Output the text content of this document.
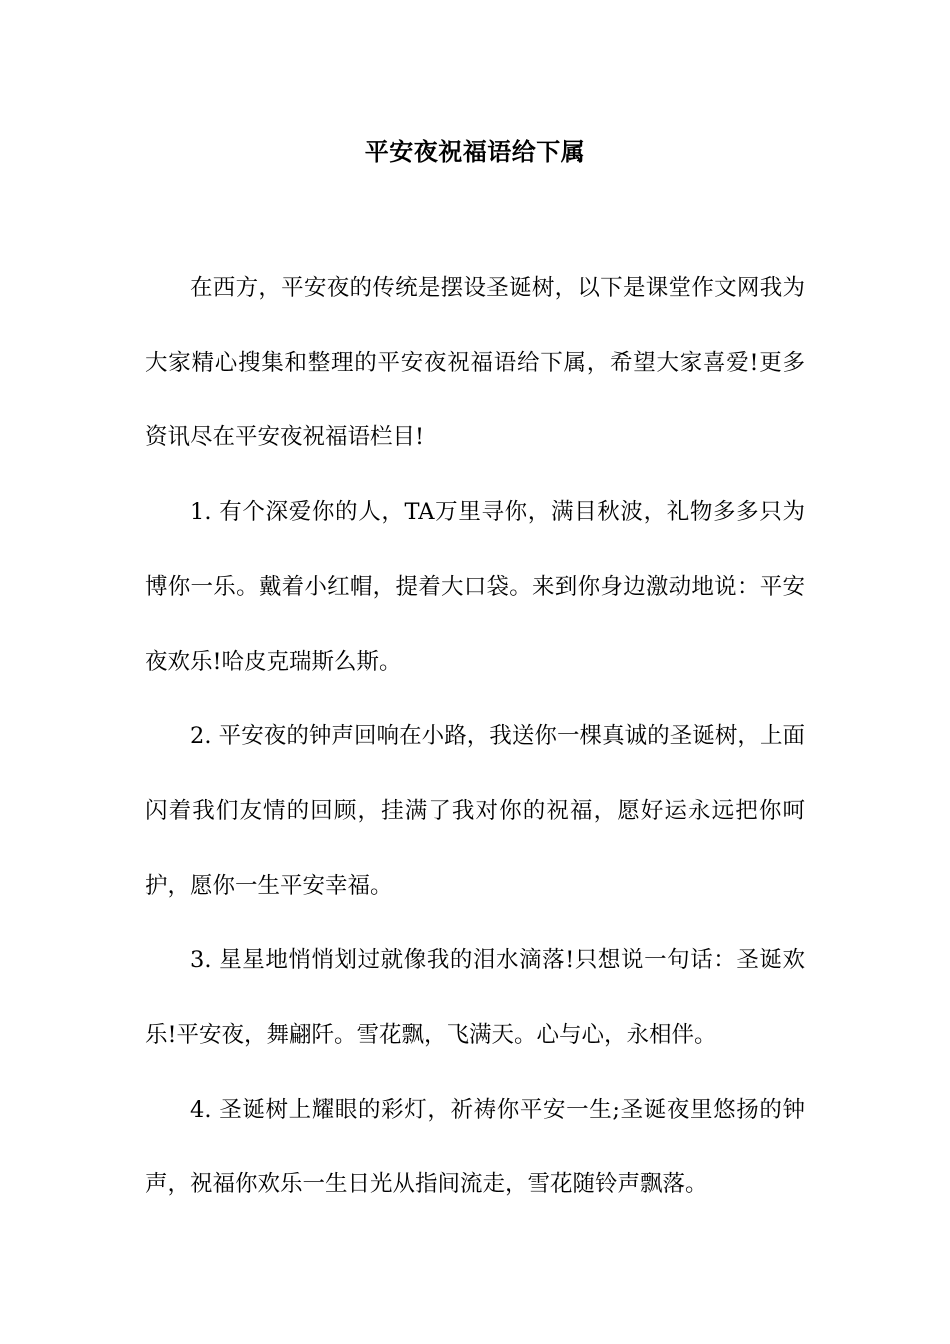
平安夜祝福语给下属

在西方，平安夜的传统是摆设圣诞树，以下是课堂作文网我为大家精心搜集和整理的平安夜祝福语给下属，希望大家喜爱!更多资讯尽在平安夜祝福语栏目!

1. 有个深爱你的人，TA万里寻你，满目秋波，礼物多多只为博你一乐。戴着小红帽，提着大口袋。来到你身边激动地说：平安夜欢乐!哈皮克瑞斯么斯。

2. 平安夜的钟声回响在小路，我送你一棵真诚的圣诞树，上面闪着我们友情的回顾，挂满了我对你的祝福，愿好运永远把你呵护，愿你一生平安幸福。

3. 星星地悄悄划过就像我的泪水滴落!只想说一句话：圣诞欢乐!平安夜，舞翩阡。雪花飘，飞满天。心与心，永相伴。

4. 圣诞树上耀眼的彩灯，祈祷你平安一生;圣诞夜里悠扬的钟声，祝福你欢乐一生日光从指间流走，雪花随铃声飘落。
